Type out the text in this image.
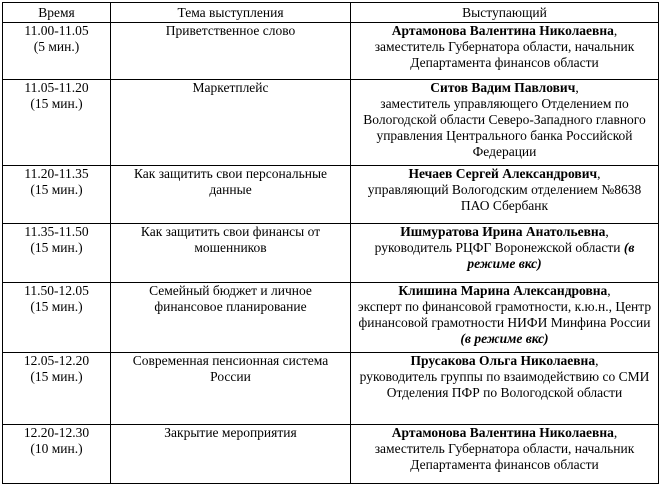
Время	Тема выступления	Выступающий

11.00-11.05
(5 мин.)	Приветственное слово	Артамонова Валентина Николаевна,
заместитель Губернатора области, начальник Департамента финансов области

11.05-11.20
(15 мин.)	Маркетплейс	Ситов Вадим Павлович,
заместитель управляющего Отделением по Вологодской области Северо-Западного главного управления Центрального банка Российской Федерации

11.20-11.35
(15 мин.)	Как защитить свои персональные данные	Нечаев Сергей Александрович,
управляющий Вологодским отделением №8638 ПАО Сбербанк

11.35-11.50
(15 мин.)	Как защитить свои финансы от мошенников	Ишмуратова Ирина Анатольевна,
руководитель РЦФГ Воронежской области (в режиме вкс)

11.50-12.05
(15 мин.)	Семейный бюджет и личное финансовое планирование	Клишина Марина Александровна,
эксперт по финансовой грамотности, к.ю.н., Центр финансовой грамотности НИФИ Минфина России (в режиме вкс)

12.05-12.20
(15 мин.)	Современная пенсионная система России	Прусакова Ольга Николаевна,
руководитель группы по взаимодействию со СМИ Отделения ПФР по Вологодской области

12.20-12.30
(10 мин.)	Закрытие мероприятия	Артамонова Валентина Николаевна,
заместитель Губернатора области, начальник Департамента финансов области
